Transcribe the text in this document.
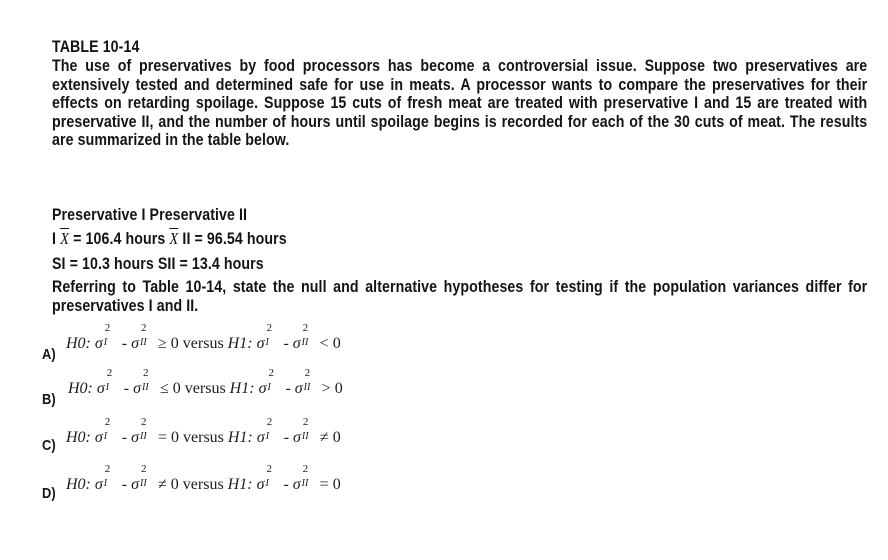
TABLE 10-14
The use of preservatives by food processors has become a controversial issue. Suppose two preservatives are extensively tested and determined safe for use in meats. A processor wants to compare the preservatives for their effects on retarding spoilage. Suppose 15 cuts of fresh meat are treated with preservative I and 15 are treated with preservative II, and the number of hours until spoilage begins is recorded for each of the 30 cuts of meat. The results are summarized in the table below.
Preservative I Preservative II
I $\overline{X} = 106.4$ hours $\overline{X}$ II = 96.54 hours
SI = 10.3 hours SII = 13.4 hours
Referring to Table 10-14, state the null and alternative hypotheses for testing if the population variances differ for preservatives I and II.
A)
H0: σ
2
I - σ
2
II ≥ 0 versus H1: σ
2
I - σ
2
II < 0
B)
H0: σ
2
I - σ
2
II ≤ 0 versus H1: σ
2
I - σ
2
II > 0
C) H0: σ
2
I - σ
2
II = 0 versus H1: σ
2
I - σ
2
II ≠ 0
D)
H0: σ
2
I - σ
2
II ≠ 0 versus H1: σ
2
I - σ
2
II = 0
